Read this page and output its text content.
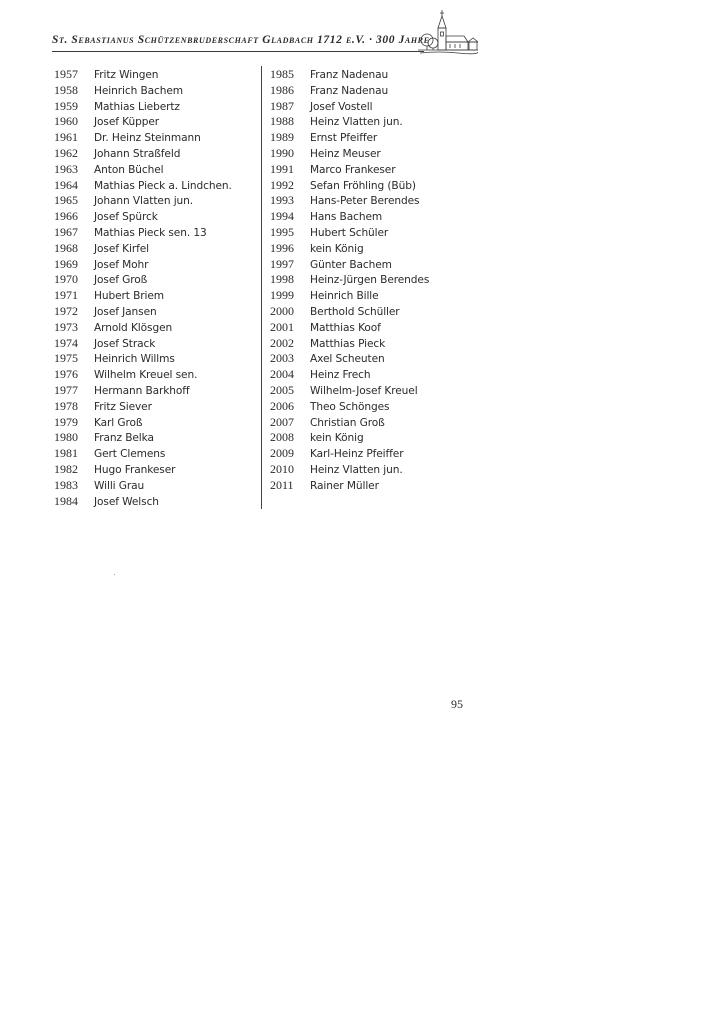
St. Sebastianus Schützenbruderschaft Gladbach 1712 e.V. · 300 Jahre
1957 Fritz Wingen
1958 Heinrich Bachem
1959 Mathias Liebertz
1960 Josef Küpper
1961 Dr. Heinz Steinmann
1962 Johann Straßfeld
1963 Anton Büchel
1964 Mathias Pieck a. Lindchen.
1965 Johann Vlatten jun.
1966 Josef Spürck
1967 Mathias Pieck sen. 13
1968 Josef Kirfel
1969 Josef Mohr
1970 Josef Groß
1971 Hubert Briem
1972 Josef Jansen
1973 Arnold Klösgen
1974 Josef Strack
1975 Heinrich Willms
1976 Wilhelm Kreuel sen.
1977 Hermann Barkhoff
1978 Fritz Siever
1979 Karl Groß
1980 Franz Belka
1981 Gert Clemens
1982 Hugo Frankeser
1983 Willi Grau
1984 Josef Welsch
1985 Franz Nadenau
1986 Franz Nadenau
1987 Josef Vostell
1988 Heinz Vlatten jun.
1989 Ernst Pfeiffer
1990 Heinz Meuser
1991 Marco Frankeser
1992 Sefan Fröhling (Büb)
1993 Hans-Peter Berendes
1994 Hans Bachem
1995 Hubert Schüler
1996 kein König
1997 Günter Bachem
1998 Heinz-Jürgen Berendes
1999 Heinrich Bille
2000 Berthold Schüller
2001 Matthias Koof
2002 Matthias Pieck
2003 Axel Scheuten
2004 Heinz Frech
2005 Wilhelm-Josef Kreuel
2006 Theo Schönges
2007 Christian Groß
2008 kein König
2009 Karl-Heinz Pfeiffer
2010 Heinz Vlatten jun.
2011 Rainer Müller
95
